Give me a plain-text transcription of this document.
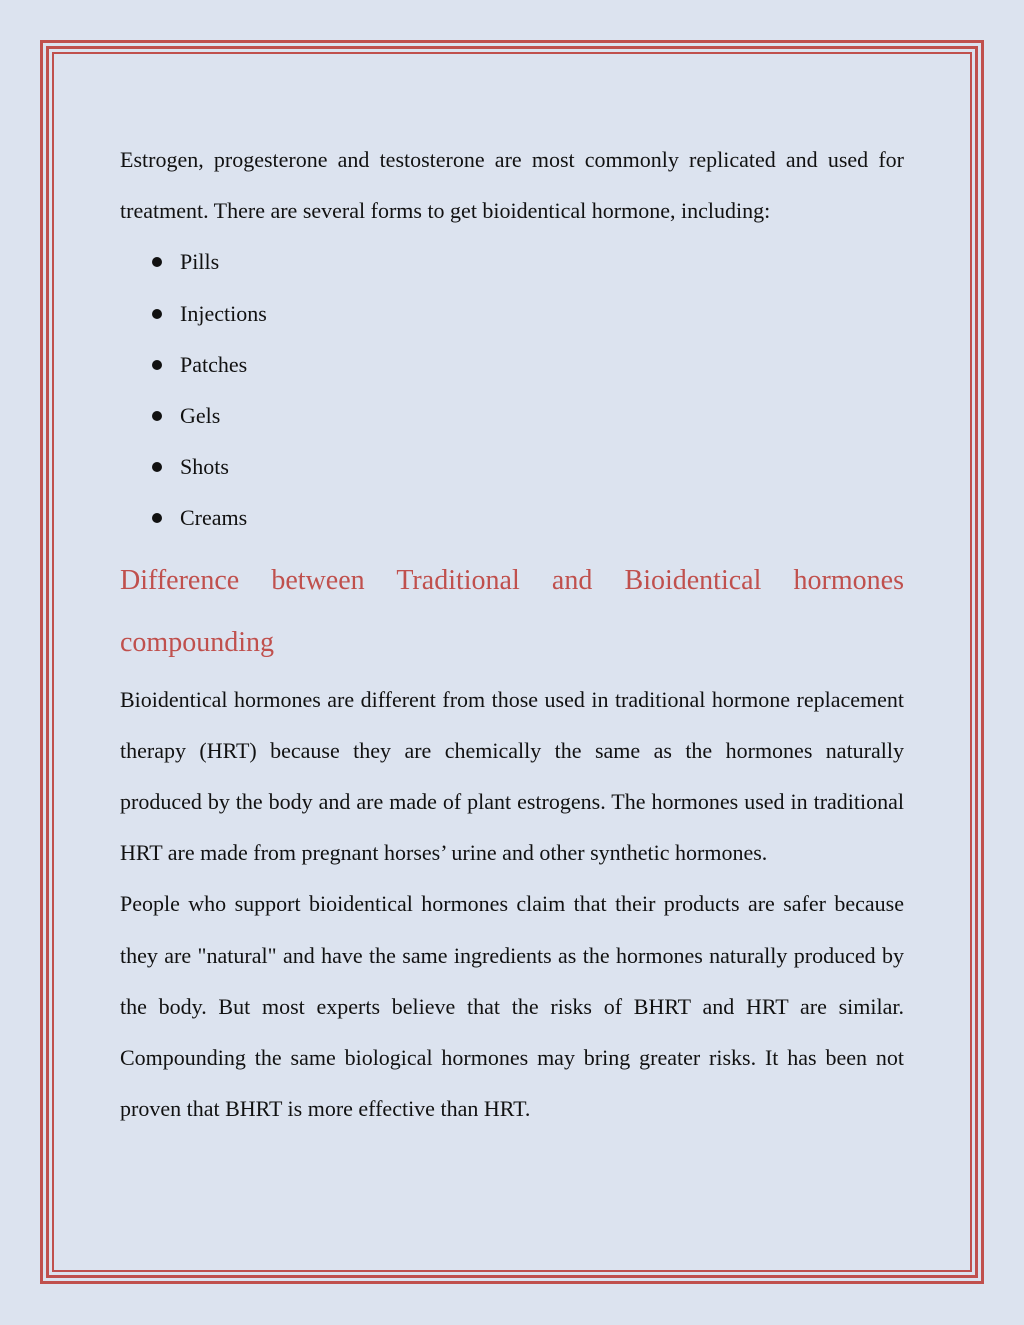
Estrogen, progesterone and testosterone are most commonly replicated and used for treatment. There are several forms to get bioidentical hormone, including:

Pills
Injections
Patches
Gels
Shots
Creams
Difference between Traditional and Bioidentical hormones
compounding

Bioidentical hormones are different from those used in traditional hormone replacement therapy (HRT) because they are chemically the same as the hormones naturally produced by the body and are made of plant estrogens. The hormones used in traditional HRT are made from pregnant horses’ urine and other synthetic hormones.

People who support bioidentical hormones claim that their products are safer because they are "natural" and have the same ingredients as the hormones naturally produced by the body. But most experts believe that the risks of BHRT and HRT are similar. Compounding the same biological hormones may bring greater risks. It has been not proven that BHRT is more effective than HRT.
